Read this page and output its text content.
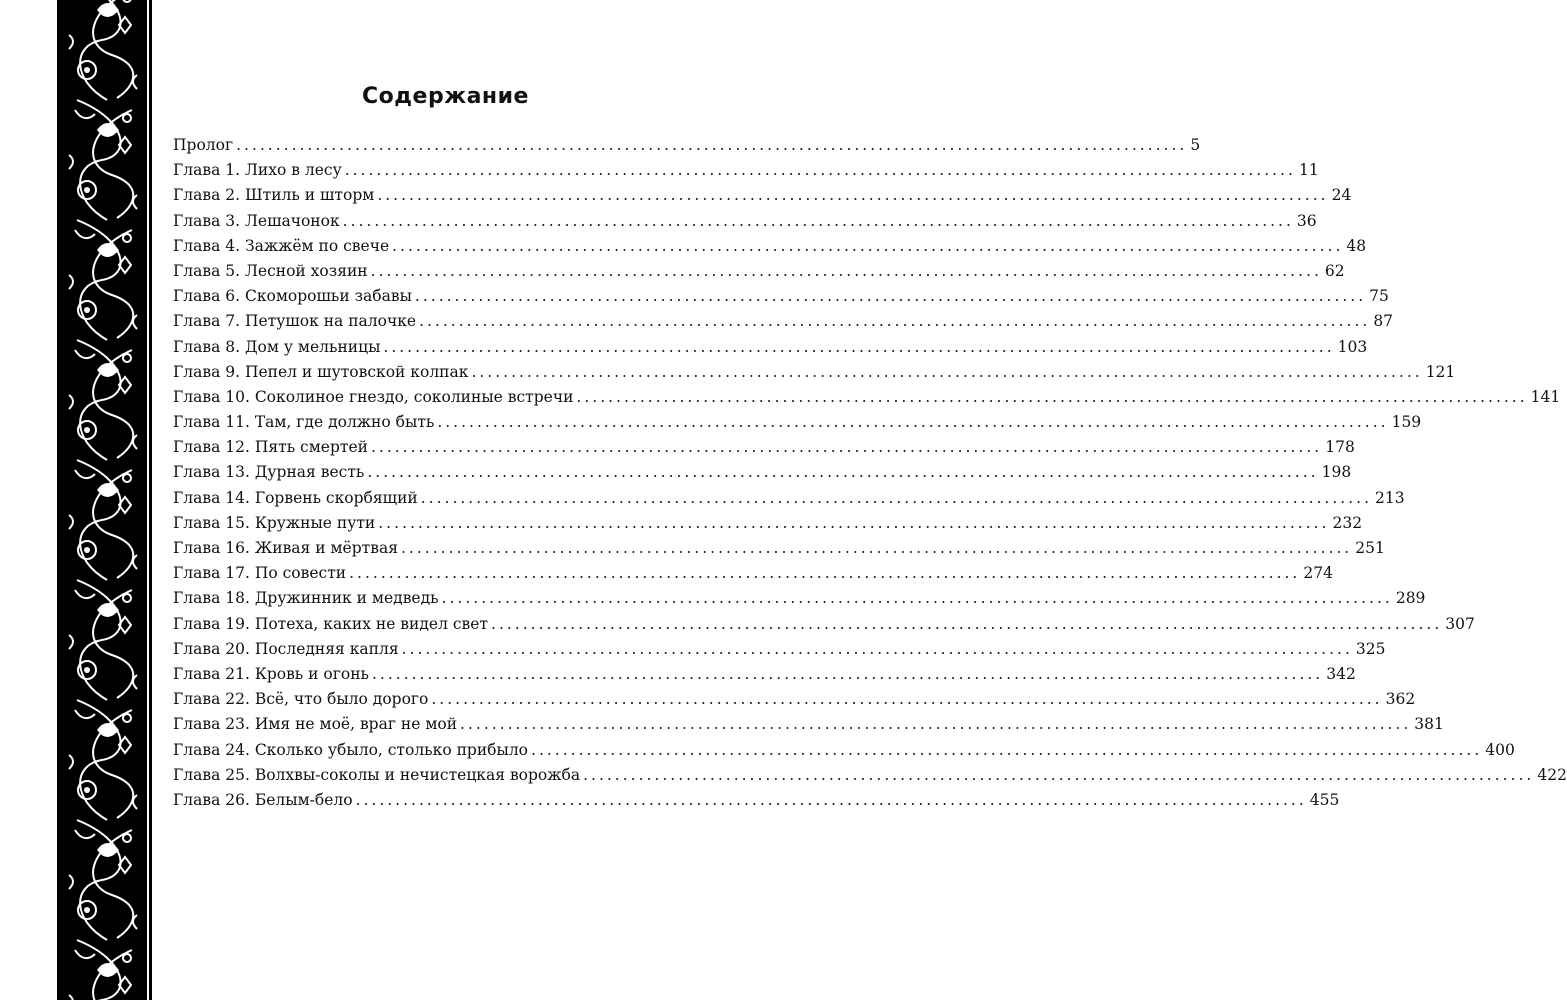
Содержание
Пролог ........................................................................................................................ 5
Глава 1. Лихо в лесу ........................................................................................................................ 11
Глава 2. Штиль и шторм ........................................................................................................................ 24
Глава 3. Лешачонок ........................................................................................................................ 36
Глава 4. Зажжём по свече ........................................................................................................................ 48
Глава 5. Лесной хозяин ........................................................................................................................ 62
Глава 6. Скоморошьи забавы ........................................................................................................................ 75
Глава 7. Петушок на палочке ........................................................................................................................ 87
Глава 8. Дом у мельницы ........................................................................................................................ 103
Глава 9. Пепел и шутовской колпак ........................................................................................................................ 121
Глава 10. Соколиное гнездо, соколиные встречи ........................................................................................................................ 141
Глава 11. Там, где должно быть ........................................................................................................................ 159
Глава 12. Пять смертей ........................................................................................................................ 178
Глава 13. Дурная весть ........................................................................................................................ 198
Глава 14. Горвень скорбящий ........................................................................................................................ 213
Глава 15. Кружные пути ........................................................................................................................ 232
Глава 16. Живая и мёртвая ........................................................................................................................ 251
Глава 17. По совести ........................................................................................................................ 274
Глава 18. Дружинник и медведь ........................................................................................................................ 289
Глава 19. Потеха, каких не видел свет ........................................................................................................................ 307
Глава 20. Последняя капля ........................................................................................................................ 325
Глава 21. Кровь и огонь ........................................................................................................................ 342
Глава 22. Всё, что было дорого ........................................................................................................................ 362
Глава 23. Имя не моё, враг не мой ........................................................................................................................ 381
Глава 24. Сколько убыло, столько прибыло ........................................................................................................................ 400
Глава 25. Волхвы-соколы и нечистецкая ворожба ........................................................................................................................ 422
Глава 26. Белым-бело ........................................................................................................................ 455
